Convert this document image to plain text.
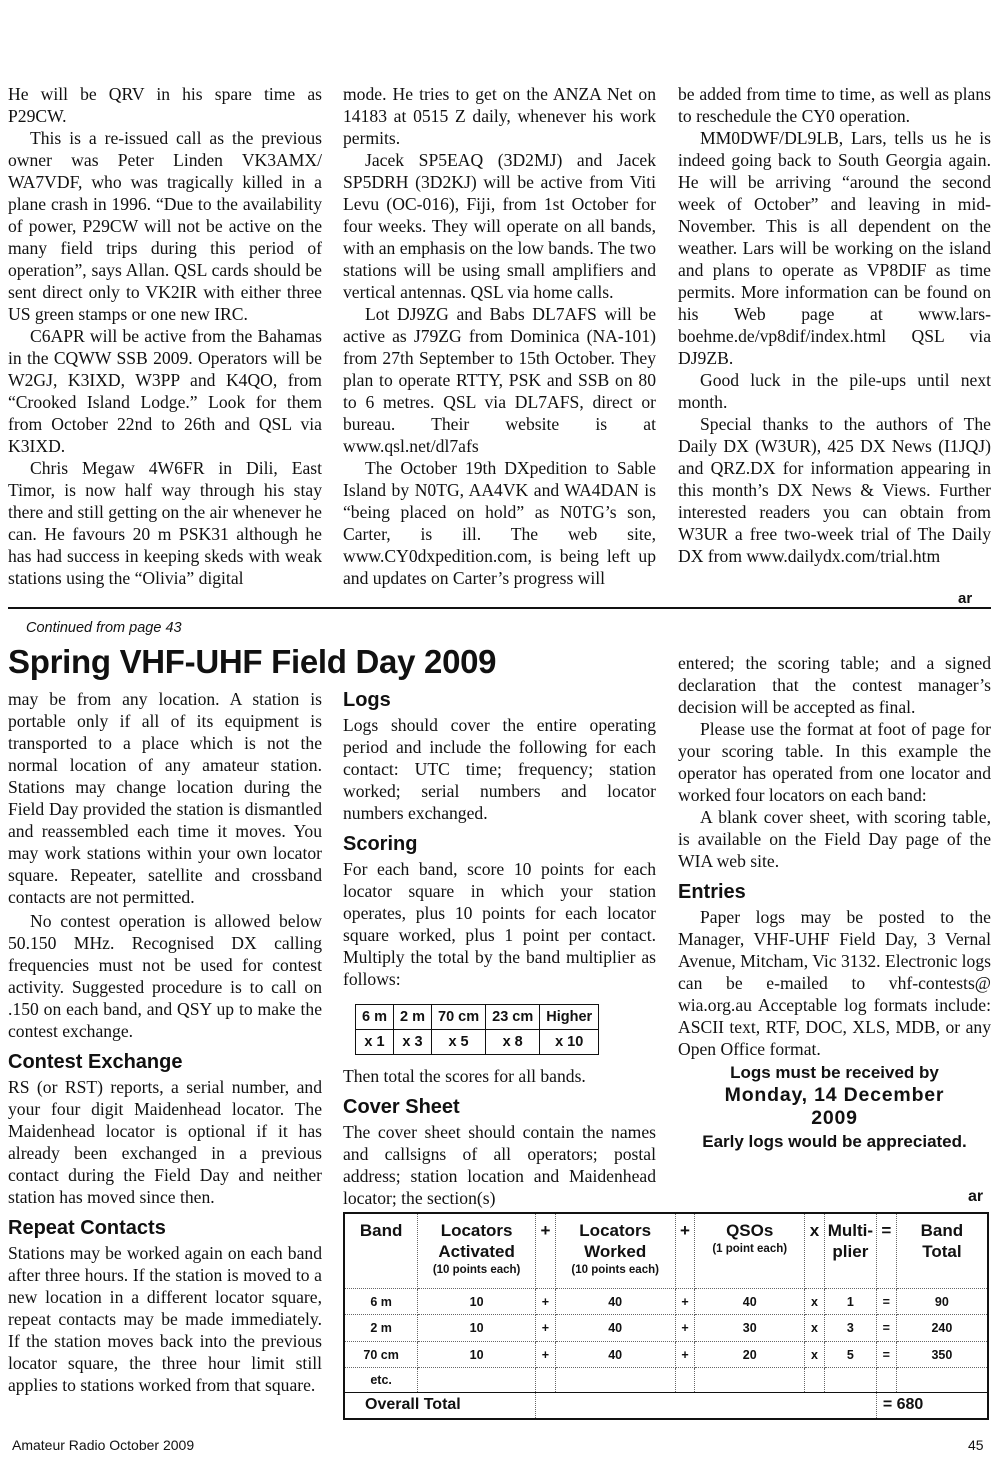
He will be QRV in his spare time as P29CW.

This is a re-issued call as the previous owner was Peter Linden VK3AMX/ WA7VDF, who was tragically killed in a plane crash in 1996. “Due to the availability of power, P29CW will not be active on the many field trips during this period of operation”, says Allan. QSL cards should be sent direct only to VK2IR with either three US green stamps or one new IRC.

C6APR will be active from the Bahamas in the CQWW SSB 2009. Operators will be W2GJ, K3IXD, W3PP and K4QO, from “Crooked Island Lodge.” Look for them from October 22nd to 26th and QSL via K3IXD.

Chris Megaw 4W6FR in Dili, East Timor, is now half way through his stay there and still getting on the air whenever he can. He favours 20 m PSK31 although he has had success in keeping skeds with weak stations using the “Olivia” digital

mode. He tries to get on the ANZA Net on 14183 at 0515 Z daily, whenever his work permits.

Jacek SP5EAQ (3D2MJ) and Jacek SP5DRH (3D2KJ) will be active from Viti Levu (OC-016), Fiji, from 1st October for four weeks. They will operate on all bands, with an emphasis on the low bands. The two stations will be using small amplifiers and vertical antennas. QSL via home calls.

Lot DJ9ZG and Babs DL7AFS will be active as J79ZG from Dominica (NA-101) from 27th September to 15th October. They plan to operate RTTY, PSK and SSB on 80 to 6 metres. QSL via DL7AFS, direct or bureau. Their website is at www.qsl.net/dl7afs

The October 19th DXpedition to Sable Island by N0TG, AA4VK and WA4DAN is “being placed on hold” as N0TG’s son, Carter, is ill. The web site, www.CY0dxpedition.com, is being left up and updates on Carter’s progress will

be added from time to time, as well as plans to reschedule the CY0 operation.

MM0DWF/DL9LB, Lars, tells us he is indeed going back to South Georgia again. He will be arriving “around the second week of October” and leaving in mid-November. This is all dependent on the weather. Lars will be working on the island and plans to operate as VP8DIF as time permits. More information can be found on his Web page at www.lars-boehme.de/vp8dif/index.html QSL via DJ9ZB.

Good luck in the pile-ups until next month.

Special thanks to the authors of The Daily DX (W3UR), 425 DX News (I1JQJ) and QRZ.DX for information appearing in this month’s DX News & Views. Further interested readers you can obtain from W3UR a free two-week trial of The Daily DX from www.dailydx.com/trial.htm

ar
Continued from page 43
Spring VHF-UHF Field Day 2009

may be from any location. A station is portable only if all of its equipment is transported to a place which is not the normal location of any amateur station. Stations may change location during the Field Day provided the station is dismantled and reassembled each time it moves. You may work stations within your own locator square. Repeater, satellite and crossband contacts are not permitted.

No contest operation is allowed below 50.150 MHz. Recognised DX calling frequencies must not be used for contest activity. Suggested procedure is to call on .150 on each band, and QSY up to make the contest exchange.

Contest Exchange

RS (or RST) reports, a serial number, and your four digit Maidenhead locator. The Maidenhead locator is optional if it has already been exchanged in a previous contact during the Field Day and neither station has moved since then.

Repeat Contacts

Stations may be worked again on each band after three hours. If the station is moved to a new location in a different locator square, repeat contacts may be made immediately. If the station moves back into the previous locator square, the three hour limit still applies to stations worked from that square.

Logs

Logs should cover the entire operating period and include the following for each contact: UTC time; frequency; station worked; serial numbers and locator numbers exchanged.

Scoring

For each band, score 10 points for each locator square in which your station operates, plus 10 points for each locator square worked, plus 1 point per contact. Multiply the total by the band multiplier as follows:

6 m	2 m	70 cm	23 cm	Higher
x 1	x 3	x 5	x 8	x 10

Then total the scores for all bands.

Cover Sheet

The cover sheet should contain the names and callsigns of all operators; postal address; station location and Maidenhead locator; the section(s)

entered; the scoring table; and a signed declaration that the contest manager’s decision will be accepted as final.

Please use the format at foot of page for your scoring table. In this example the operator has operated from one locator and worked four locators on each band:

A blank cover sheet, with scoring table, is available on the Field Day page of the WIA web site.

Entries

Paper logs may be posted to the Manager, VHF-UHF Field Day, 3 Vernal Avenue, Mitcham, Vic 3132. Electronic logs can be e-mailed to vhf-contests@ wia.org.au Acceptable log formats include: ASCII text, RTF, DOC, XLS, MDB, or any Open Office format.

Logs must be received by
Monday, 14 December
2009
Early logs would be appreciated.
ar
Band	Locators
Activated
(10 points each)	+	Locators
Worked
(10 points each)	+	QSOs
(1 point each)	x	Multi-
plier	=	Band
Total
6 m	10	+	40	+	40	x	1	=	90
2 m	10	+	40	+	30	x	3	=	240
70 cm	10	+	40	+	20	x	5	=	350
etc.									
Overall Total								= 680	
Amateur Radio October 2009	45
